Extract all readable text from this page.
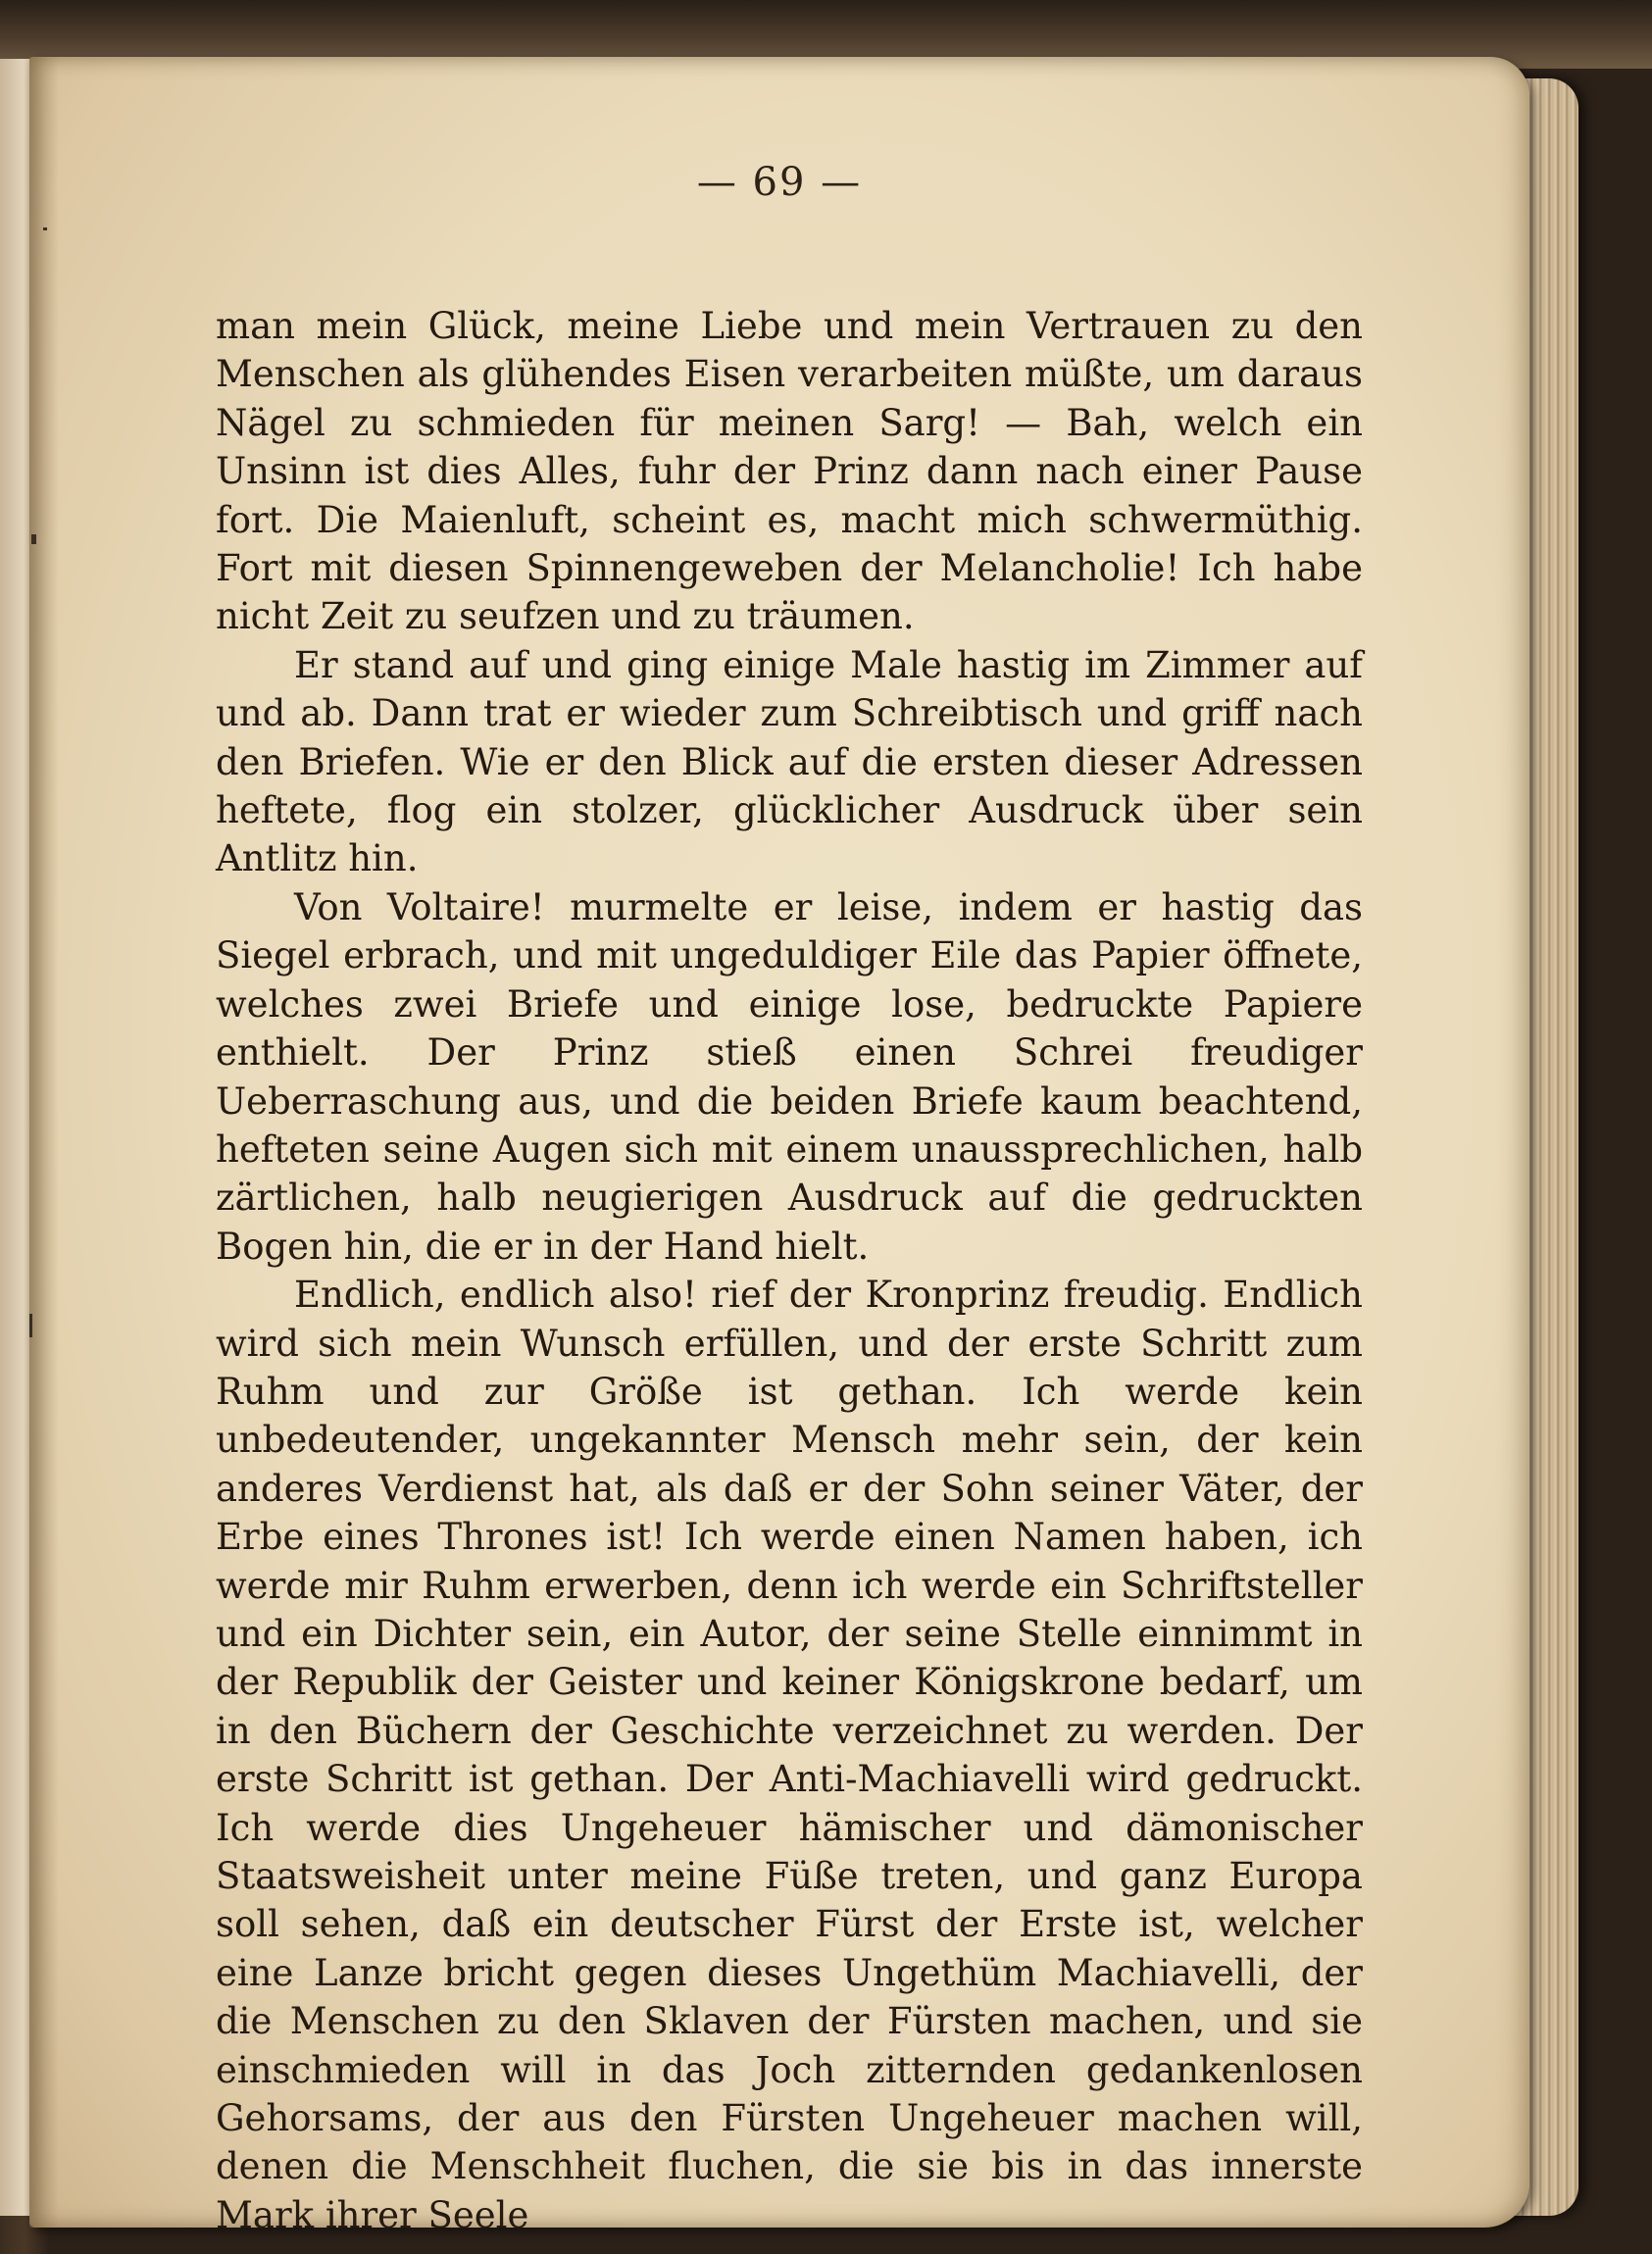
— 69 —

man mein Glück, meine Liebe und mein Vertrauen zu den Menschen als glühendes Eisen verarbeiten müßte, um daraus Nägel zu schmieden für meinen Sarg! — Bah, welch ein Unsinn ist dies Alles, fuhr der Prinz dann nach einer Pause fort. Die Maienluft, scheint es, macht mich schwermüthig. Fort mit diesen Spinnengeweben der Melancholie! Ich habe nicht Zeit zu seufzen und zu träumen.

Er stand auf und ging einige Male hastig im Zimmer auf und ab. Dann trat er wieder zum Schreibtisch und griff nach den Briefen. Wie er den Blick auf die ersten dieser Adressen heftete, flog ein stolzer, glücklicher Ausdruck über sein Antlitz hin.

Von Voltaire! murmelte er leise, indem er hastig das Siegel erbrach, und mit ungeduldiger Eile das Papier öffnete, welches zwei Briefe und einige lose, bedruckte Papiere enthielt. Der Prinz stieß einen Schrei freudiger Ueberraschung aus, und die beiden Briefe kaum beachtend, hefteten seine Augen sich mit einem unaussprechlichen, halb zärtlichen, halb neugierigen Ausdruck auf die gedruckten Bogen hin, die er in der Hand hielt.

Endlich, endlich also! rief der Kronprinz freudig. Endlich wird sich mein Wunsch erfüllen, und der erste Schritt zum Ruhm und zur Größe ist gethan. Ich werde kein unbedeutender, ungekannter Mensch mehr sein, der kein anderes Verdienst hat, als daß er der Sohn seiner Väter, der Erbe eines Thrones ist! Ich werde einen Namen haben, ich werde mir Ruhm erwerben, denn ich werde ein Schriftsteller und ein Dichter sein, ein Autor, der seine Stelle einnimmt in der Republik der Geister und keiner Königskrone bedarf, um in den Büchern der Geschichte verzeichnet zu werden. Der erste Schritt ist gethan. Der Anti-Machiavelli wird gedruckt. Ich werde dies Ungeheuer hämischer und dämonischer Staatsweisheit unter meine Füße treten, und ganz Europa soll sehen, daß ein deutscher Fürst der Erste ist, welcher eine Lanze bricht gegen dieses Ungethüm Machiavelli, der die Menschen zu den Sklaven der Fürsten machen, und sie einschmieden will in das Joch zitternden gedankenlosen Gehorsams, der aus den Fürsten Ungeheuer machen will, denen die Menschheit fluchen, die sie bis in das innerste Mark ihrer Seele
